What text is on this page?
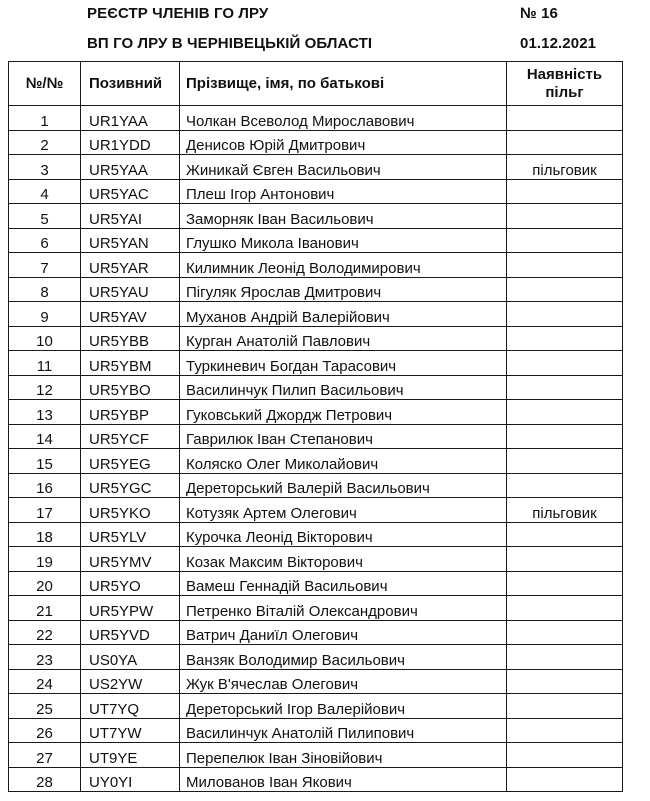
РЕЄСТР ЧЛЕНІВ ГО ЛРУ
ВП ГО ЛРУ В ЧЕРНІВЕЦЬКІЙ ОБЛАСТІ
№ 16
01.12.2021
№/№	Позивний	Прізвище, імя, по батькові	Наявність пільг
1	UR1YAA	Чолкан Всеволод Мирославович	
2	UR1YDD	Денисов Юрій Дмитрович	
3	UR5YAA	Жиникай Євген Васильович	пільговик
4	UR5YAC	Плеш Ігор Антонович	
5	UR5YAI	Заморняк Іван Васильович	
6	UR5YAN	Глушко Микола Іванович	
7	UR5YAR	Килимник Леонід Володимирович	
8	UR5YAU	Пігуляк Ярослав Дмитрович	
9	UR5YAV	Муханов Андрій Валерійович	
10	UR5YBB	Курган Анатолій Павлович	
11	UR5YBM	Туркиневич Богдан Тарасович	
12	UR5YBO	Василинчук Пилип Васильович	
13	UR5YBP	Гуковський Джордж Петрович	
14	UR5YCF	Гаврилюк Іван Степанович	
15	UR5YEG	Коляско Олег Миколайович	
16	UR5YGC	Дереторський Валерій Васильович	
17	UR5YKO	Котузяк Артем Олегович	пільговик
18	UR5YLV	Курочка Леонід Вікторович	
19	UR5YMV	Козак Максим Вікторович	
20	UR5YO	Вамеш Геннадій Васильович	
21	UR5YPW	Петренко Віталій Олександрович	
22	UR5YVD	Ватрич Даниїл Олегович	
23	US0YA	Ванзяк Володимир Васильович	
24	US2YW	Жук В'ячеслав Олегович	
25	UT7YQ	Дереторський Ігор Валерійович	
26	UT7YW	Василинчук Анатолій Пилипович	
27	UT9YE	Перепелюк Іван Зіновійович	
28	UY0YI	Милованов Іван Якович	
